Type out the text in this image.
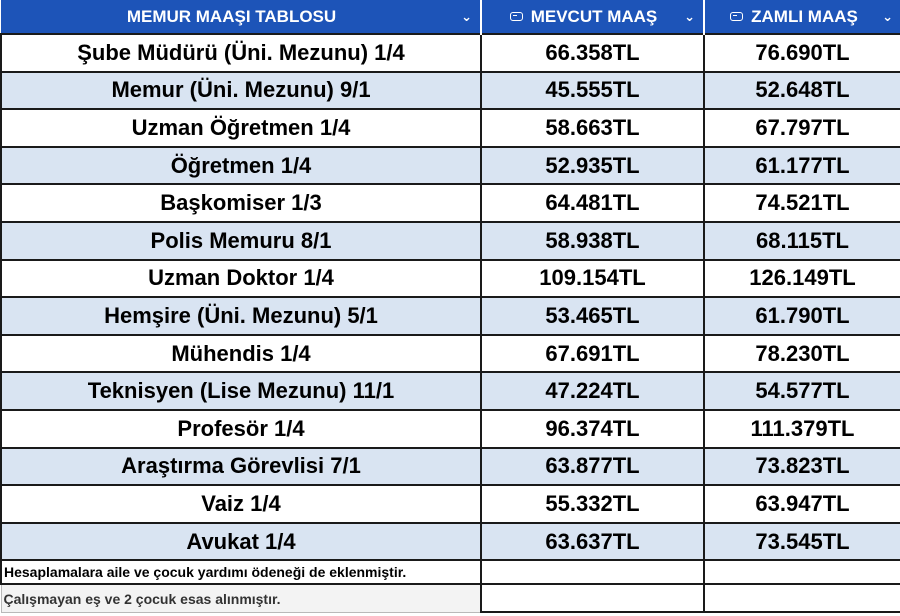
MEMUR MAAŞI TABLOSU ⌄	MEVCUT MAAŞ ⌄	ZAMLI MAAŞ ⌄

Şube Müdürü (Üni. Mezunu) 1/4	66.358TL	76.690TL
Memur (Üni. Mezunu) 9/1	45.555TL	52.648TL
Uzman Öğretmen 1/4	58.663TL	67.797TL
Öğretmen 1/4	52.935TL	61.177TL
Başkomiser 1/3	64.481TL	74.521TL
Polis Memuru 8/1	58.938TL	68.115TL
Uzman Doktor 1/4	109.154TL	126.149TL
Hemşire (Üni. Mezunu) 5/1	53.465TL	61.790TL
Mühendis 1/4	67.691TL	78.230TL
Teknisyen (Lise Mezunu) 11/1	47.224TL	54.577TL
Profesör 1/4	96.374TL	111.379TL
Araştırma Görevlisi 7/1	63.877TL	73.823TL
Vaiz 1/4	55.332TL	63.947TL
Avukat 1/4	63.637TL	73.545TL
Hesaplamalara aile ve çocuk yardımı ödeneği de eklenmiştir.		
Çalışmayan eş ve 2 çocuk esas alınmıştır.		
